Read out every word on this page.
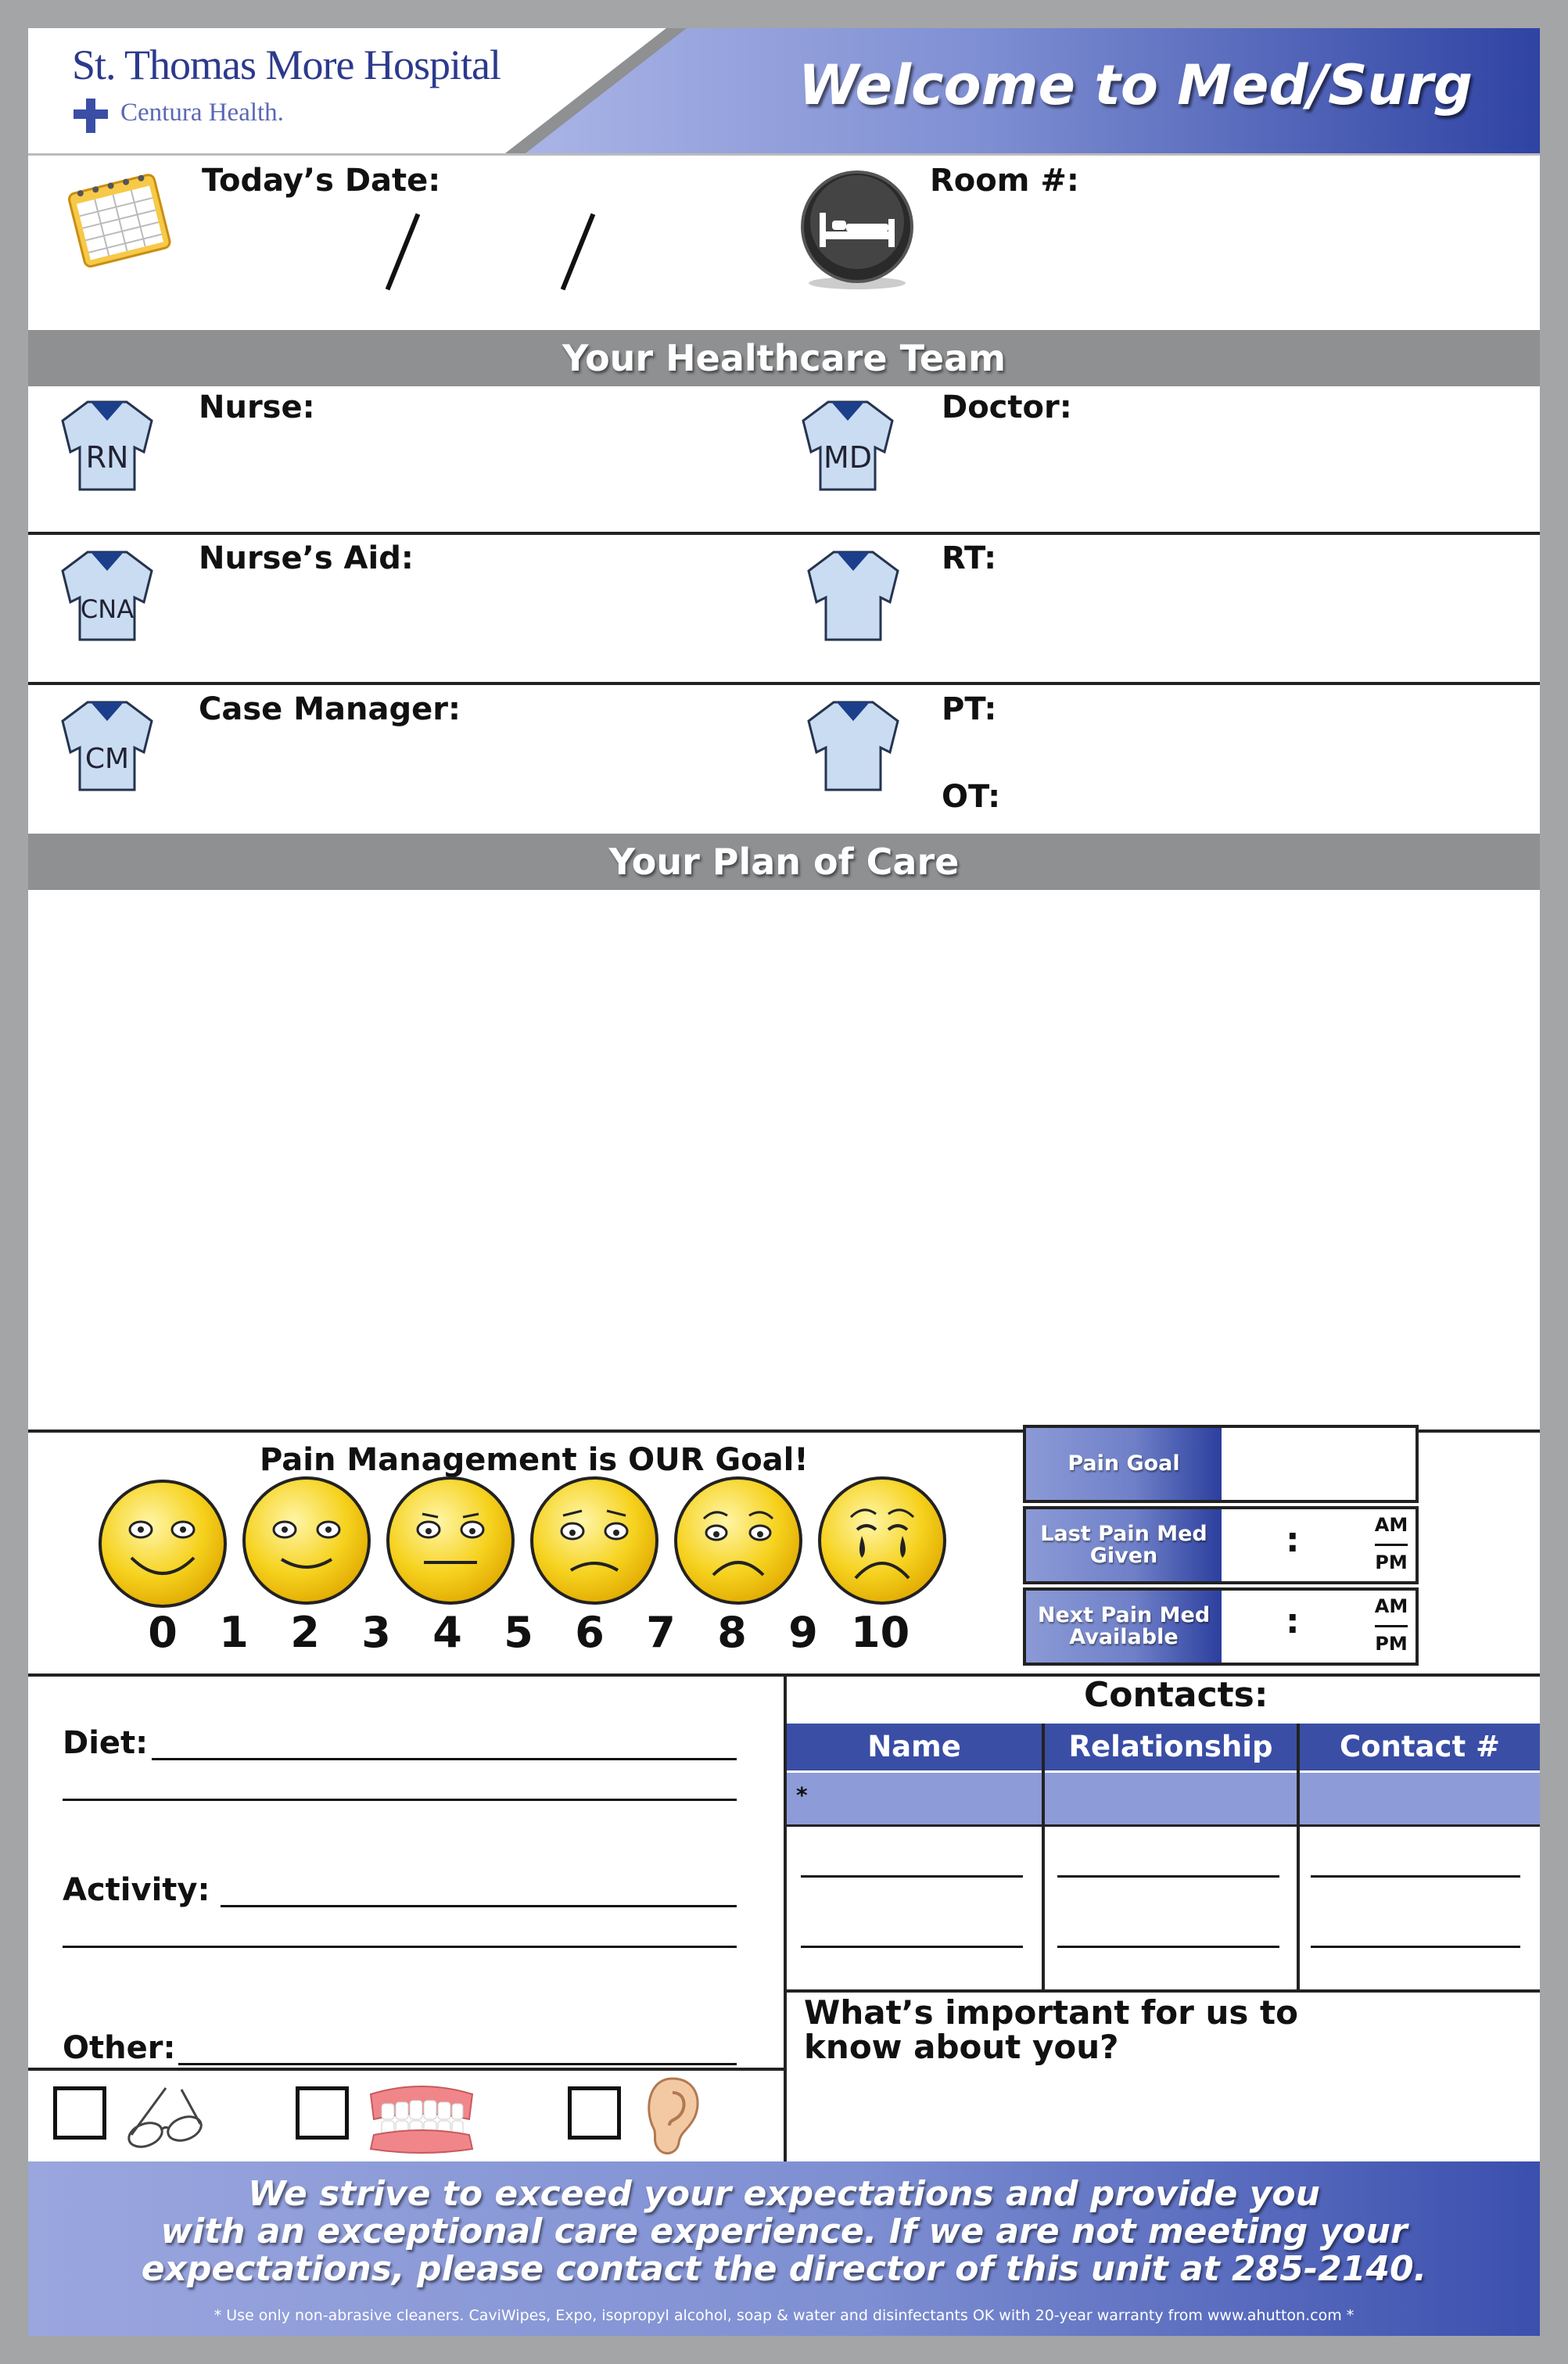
St. Thomas More Hospital
Centura Health.	Welcome to Med/Surg
Today’s Date:	Room #:
Your Healthcare Team
RN
Nurse:
MD
Doctor:
CNA
Nurse’s Aid:	RT:
CM
Case Manager:	PT:
OT:
Your Plan of Care
Pain Management is OUR Goal!	Pain Goal
Last Pain Med Given	:	AM
PM
Next Pain Med Available	:	AM
PM
Diet:
Activity:
Other:
Contacts:
Name	Relationship	Contact #
*
What’s important for us to know about you?
We strive to exceed your expectations and provide you
with an exceptional care experience. If we are not meeting your
expectations, please contact the director of this unit at 285-2140.
* Use only non-abrasive cleaners. CaviWipes, Expo, isopropyl alcohol, soap & water and disinfectants OK with 20-year warranty from www.ahutton.com *
0 1 2 3 4 5 6 7 8 9 10
